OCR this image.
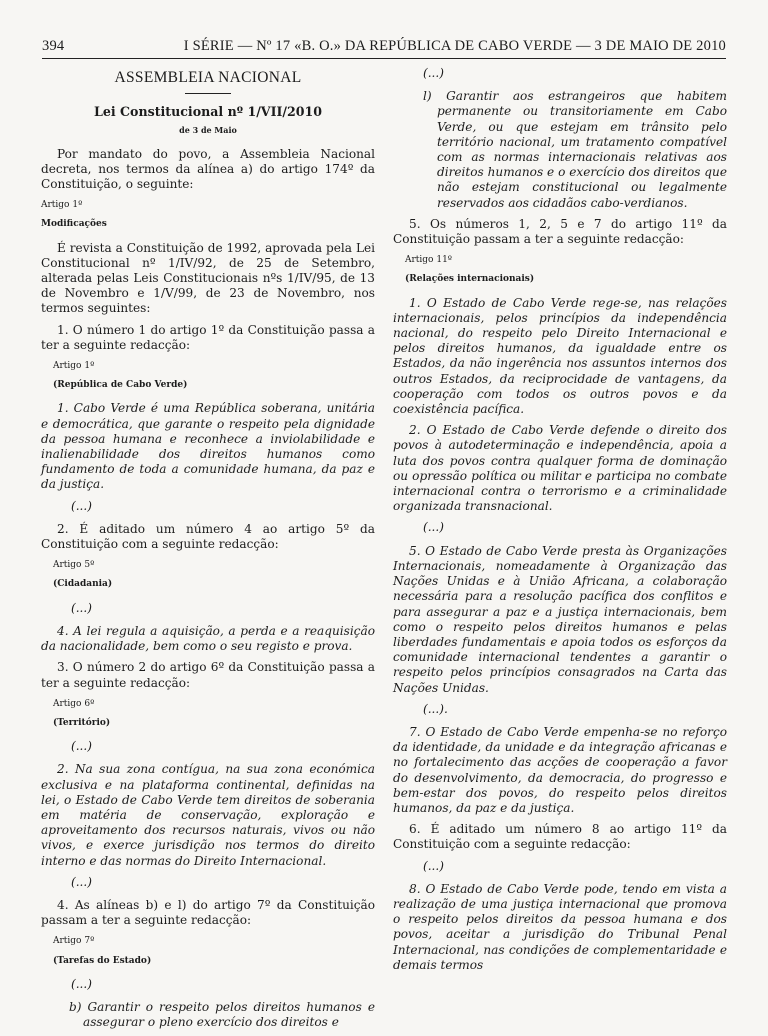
394	I SÉRIE — Nº 17 «B. O.» DA REPÚBLICA DE CABO VERDE — 3 DE MAIO DE 2010
ASSEMBLEIA NACIONAL
Lei Constitucional nº 1/VII/2010
de 3 de Maio

Por mandato do povo, a Assembleia Nacional decreta, nos termos da alínea a) do artigo 174º da Constituição, o seguinte:

Artigo 1º

Modificações

É revista a Constituição de 1992, aprovada pela Lei Constitucional nº 1/IV/92, de 25 de Setembro, alterada pelas Leis Constitucionais nºs 1/IV/95, de 13 de Novembro e 1/V/99, de 23 de Novembro, nos termos seguintes:

1. O número 1 do artigo 1º da Constituição passa a ter a seguinte redacção:

Artigo 1º

(República de Cabo Verde)

1. Cabo Verde é uma República soberana, unitária e democrática, que garante o respeito pela dignidade da pessoa humana e reconhece a inviolabilidade e inalienabilidade dos direitos humanos como fundamento de toda a comunidade humana, da paz e da justiça.

(...)

2. É aditado um número 4 ao artigo 5º da Constituição com a seguinte redacção:

Artigo 5º

(Cidadania)

(...)

4. A lei regula a aquisição, a perda e a reaquisição da nacionalidade, bem como o seu registo e prova.

3. O número 2 do artigo 6º da Constituição passa a ter a seguinte redacção:

Artigo 6º

(Território)

(...)

2. Na sua zona contígua, na sua zona económica exclusiva e na plataforma continental, definidas na lei, o Estado de Cabo Verde tem direitos de soberania em matéria de conservação, exploração e aproveitamento dos recursos naturais, vivos ou não vivos, e exerce jurisdição nos termos do direito interno e das normas do Direito Internacional.

(...)

4. As alíneas b) e l) do artigo 7º da Constituição passam a ter a seguinte redacção:

Artigo 7º

(Tarefas do Estado)

(...)

b) Garantir o respeito pelos direitos humanos e assegurar o pleno exercício dos direitos e

(...)

l) Garantir aos estrangeiros que habitem permanente ou transitoriamente em Cabo Verde, ou que estejam em trânsito pelo território nacional, um tratamento compatível com as normas internacionais relativas aos direitos humanos e o exercício dos direitos que não estejam constitucional ou legalmente reservados aos cidadãos cabo-verdianos.

5. Os números 1, 2, 5 e 7 do artigo 11º da Constituição passam a ter a seguinte redacção:

Artigo 11º

(Relações internacionais)

1. O Estado de Cabo Verde rege-se, nas relações internacionais, pelos princípios da independência nacional, do respeito pelo Direito Internacional e pelos direitos humanos, da igualdade entre os Estados, da não ingerência nos assuntos internos dos outros Estados, da reciprocidade de vantagens, da cooperação com todos os outros povos e da coexistência pacífica.

2. O Estado de Cabo Verde defende o direito dos povos à autodeterminação e independência, apoia a luta dos povos contra qualquer forma de dominação ou opressão política ou militar e participa no combate internacional contra o terrorismo e a criminalidade organizada transnacional.

(...)

5. O Estado de Cabo Verde presta às Organizações Internacionais, nomeadamente à Organização das Nações Unidas e à União Africana, a colaboração necessária para a resolução pacífica dos conflitos e para assegurar a paz e a justiça internacionais, bem como o respeito pelos direitos humanos e pelas liberdades fundamentais e apoia todos os esforços da comunidade internacional tendentes a garantir o respeito pelos princípios consagrados na Carta das Nações Unidas.

(...).

7. O Estado de Cabo Verde empenha-se no reforço da identidade, da unidade e da integração africanas e no fortalecimento das acções de cooperação a favor do desenvolvimento, da democracia, do progresso e bem-estar dos povos, do respeito pelos direitos humanos, da paz e da justiça.

6. É aditado um número 8 ao artigo 11º da Constituição com a seguinte redacção:

(...)

8. O Estado de Cabo Verde pode, tendo em vista a realização de uma justiça internacional que promova o respeito pelos direitos da pessoa humana e dos povos, aceitar a jurisdição do Tribunal Penal Internacional, nas condições de complementaridade e demais termos
